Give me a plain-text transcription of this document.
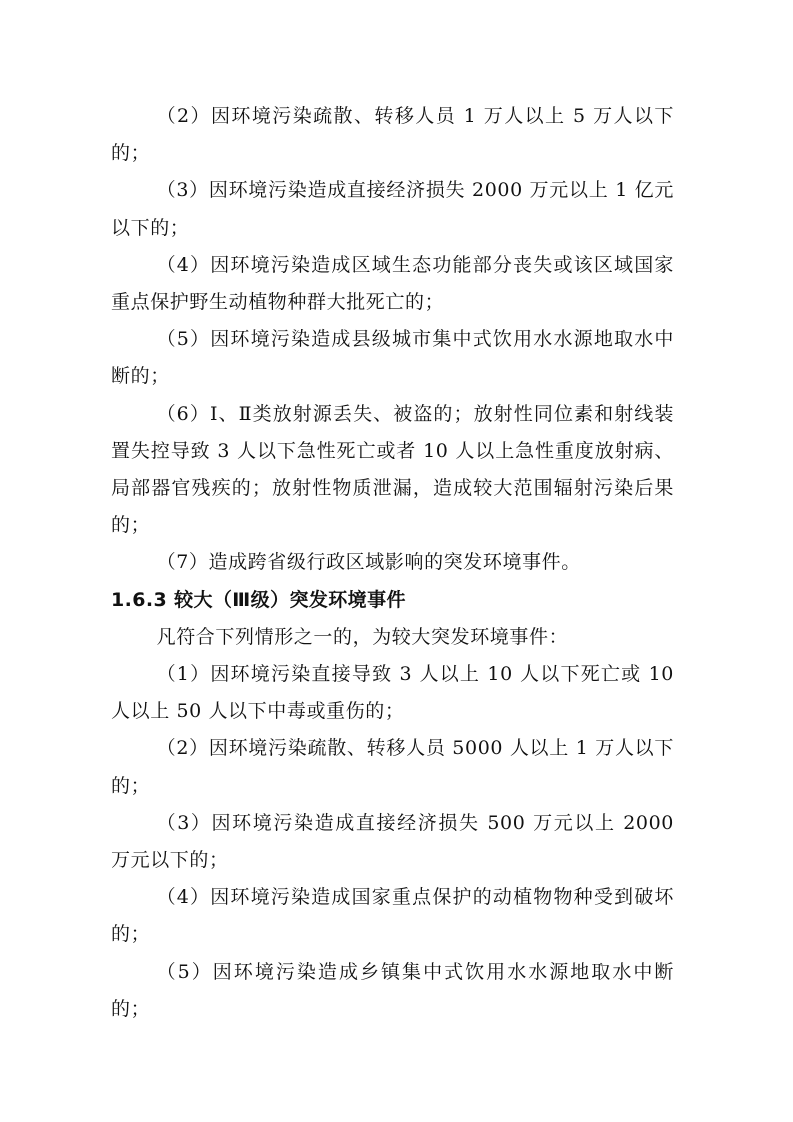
（2）因环境污染疏散、转移人员 1 万人以上 5 万人以下的；

（3）因环境污染造成直接经济损失 2000 万元以上 1 亿元以下的；

（4）因环境污染造成区域生态功能部分丧失或该区域国家重点保护野生动植物种群大批死亡的；

（5）因环境污染造成县级城市集中式饮用水水源地取水中断的；

（6）Ⅰ、Ⅱ类放射源丢失、被盗的；放射性同位素和射线装置失控导致 3 人以下急性死亡或者 10 人以上急性重度放射病、局部器官残疾的；放射性物质泄漏，造成较大范围辐射污染后果的；

（7）造成跨省级行政区域影响的突发环境事件。

1.6.3 较大（Ⅲ级）突发环境事件

凡符合下列情形之一的，为较大突发环境事件：

（1）因环境污染直接导致 3 人以上 10 人以下死亡或 10 人以上 50 人以下中毒或重伤的；

（2）因环境污染疏散、转移人员 5000 人以上 1 万人以下的；

（3）因环境污染造成直接经济损失 500 万元以上 2000 万元以下的；

（4）因环境污染造成国家重点保护的动植物物种受到破坏的；

（5）因环境污染造成乡镇集中式饮用水水源地取水中断的；
